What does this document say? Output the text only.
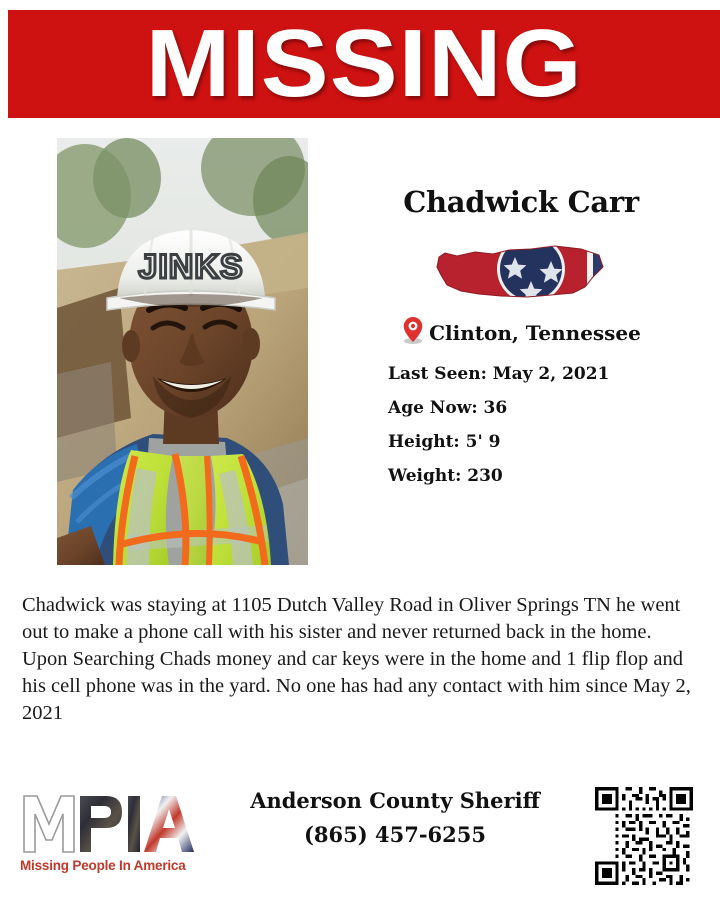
MISSING
JINKS
Chadwick Carr
Clinton, Tennessee
Last Seen: May 2, 2021
Age Now: 36
Height: 5' 9
Weight: 230
Chadwick was staying at 1105 Dutch Valley Road in Oliver Springs TN he went out to make a phone call with his sister and never returned back in the home. Upon Searching Chads money and car keys were in the home and 1 flip flop and his cell phone was in the yard. No one has had any contact with him since May 2, 2021
Missing People In America
Anderson County Sheriff
(865) 457-6255
